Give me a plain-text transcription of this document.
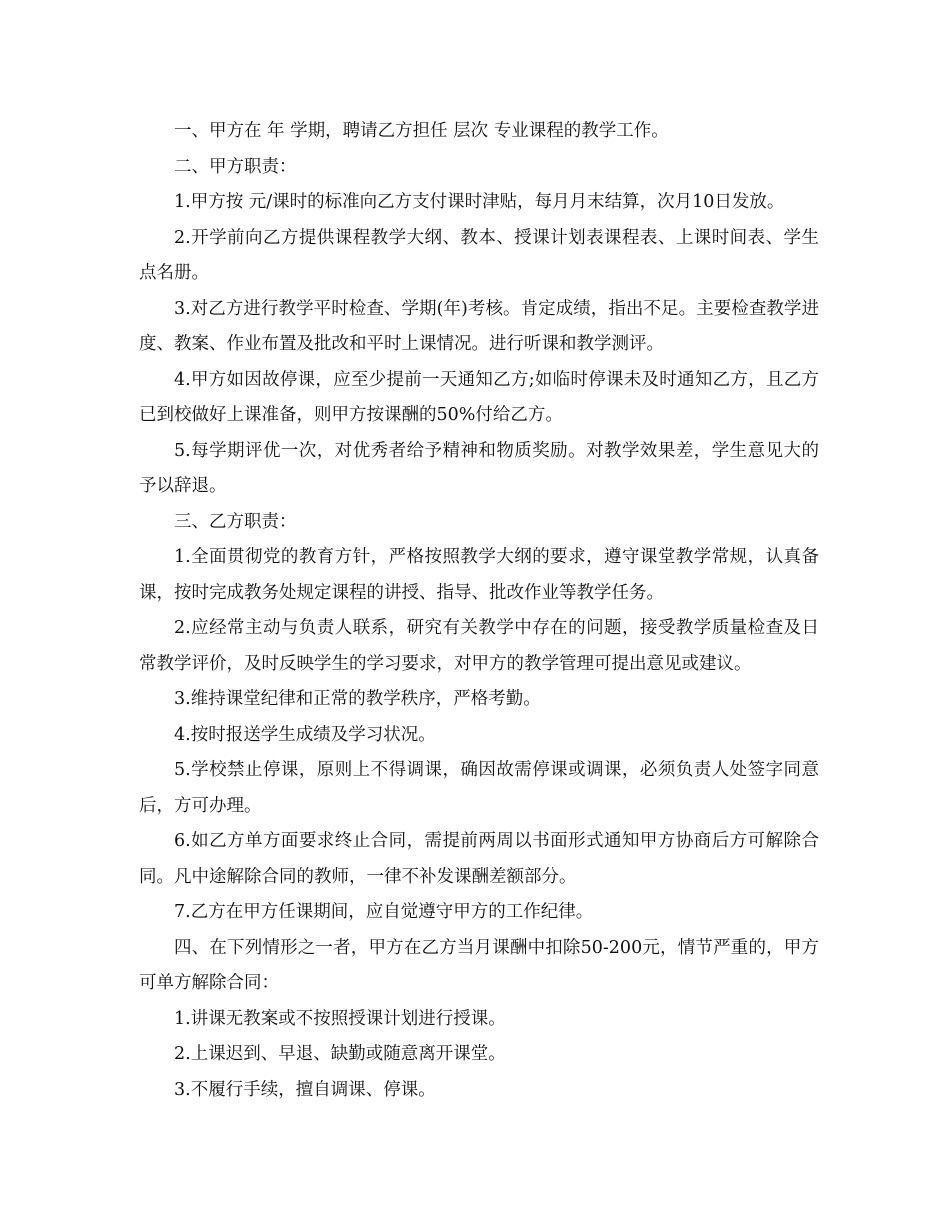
一、甲方在 年 学期，聘请乙方担任 层次 专业课程的教学工作。

二、甲方职责：

1.甲方按 元/课时的标准向乙方支付课时津贴，每月月末结算，次月10日发放。

2.开学前向乙方提供课程教学大纲、教本、授课计划表课程表、上课时间表、学生点名册。

3.对乙方进行教学平时检查、学期(年)考核。肯定成绩，指出不足。主要检查教学进度、教案、作业布置及批改和平时上课情况。进行听课和教学测评。

4.甲方如因故停课，应至少提前一天通知乙方;如临时停课未及时通知乙方，且乙方已到校做好上课准备，则甲方按课酬的50%付给乙方。

5.每学期评优一次，对优秀者给予精神和物质奖励。对教学效果差，学生意见大的予以辞退。

三、乙方职责：

1.全面贯彻党的教育方针，严格按照教学大纲的要求，遵守课堂教学常规，认真备课，按时完成教务处规定课程的讲授、指导、批改作业等教学任务。

2.应经常主动与负责人联系，研究有关教学中存在的问题，接受教学质量检查及日常教学评价，及时反映学生的学习要求，对甲方的教学管理可提出意见或建议。

3.维持课堂纪律和正常的教学秩序，严格考勤。

4.按时报送学生成绩及学习状况。

5.学校禁止停课，原则上不得调课，确因故需停课或调课，必须负责人处签字同意后，方可办理。

6.如乙方单方面要求终止合同，需提前两周以书面形式通知甲方协商后方可解除合同。凡中途解除合同的教师，一律不补发课酬差额部分。

7.乙方在甲方任课期间，应自觉遵守甲方的工作纪律。

四、在下列情形之一者，甲方在乙方当月课酬中扣除50-200元，情节严重的，甲方可单方解除合同：

1.讲课无教案或不按照授课计划进行授课。

2.上课迟到、早退、缺勤或随意离开课堂。

3.不履行手续，擅自调课、停课。
